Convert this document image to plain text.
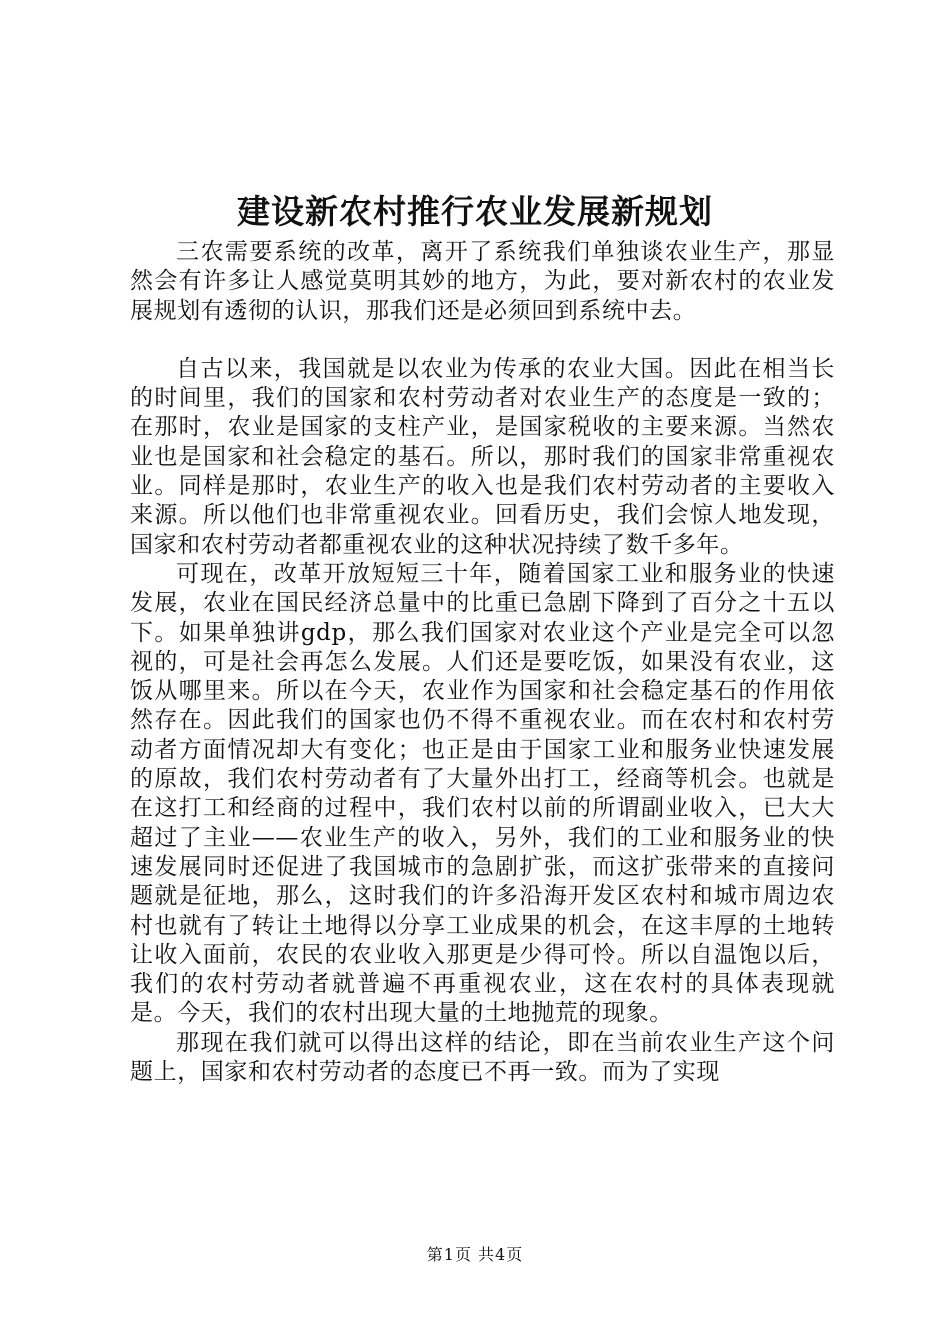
建设新农村推行农业发展新规划

三农需要系统的改革，离开了系统我们单独谈农业生产，那显然会有许多让人感觉莫明其妙的地方，为此，要对新农村的农业发展规划有透彻的认识，那我们还是必须回到系统中去。

自古以来，我国就是以农业为传承的农业大国。因此在相当长的时间里，我们的国家和农村劳动者对农业生产的态度是一致的；在那时，农业是国家的支柱产业，是国家税收的主要来源。当然农业也是国家和社会稳定的基石。所以，那时我们的国家非常重视农业。同样是那时，农业生产的收入也是我们农村劳动者的主要收入来源。所以他们也非常重视农业。回看历史，我们会惊人地发现，国家和农村劳动者都重视农业的这种状况持续了数千多年。

可现在，改革开放短短三十年，随着国家工业和服务业的快速发展，农业在国民经济总量中的比重已急剧下降到了百分之十五以下。如果单独讲gdp，那么我们国家对农业这个产业是完全可以忽视的，可是社会再怎么发展。人们还是要吃饭，如果没有农业，这饭从哪里来。所以在今天，农业作为国家和社会稳定基石的作用依然存在。因此我们的国家也仍不得不重视农业。而在农村和农村劳动者方面情况却大有变化；也正是由于国家工业和服务业快速发展的原故，我们农村劳动者有了大量外出打工，经商等机会。也就是在这打工和经商的过程中，我们农村以前的所谓副业收入，已大大超过了主业——农业生产的收入，另外，我们的工业和服务业的快速发展同时还促进了我国城市的急剧扩张，而这扩张带来的直接问题就是征地，那么，这时我们的许多沿海开发区农村和城市周边农村也就有了转让土地得以分享工业成果的机会，在这丰厚的土地转让收入面前，农民的农业收入那更是少得可怜。所以自温饱以后，我们的农村劳动者就普遍不再重视农业，这在农村的具体表现就是。今天，我们的农村出现大量的土地抛荒的现象。

那现在我们就可以得出这样的结论，即在当前农业生产这个问题上，国家和农村劳动者的态度已不再一致。而为了实现

第1页 共4页
